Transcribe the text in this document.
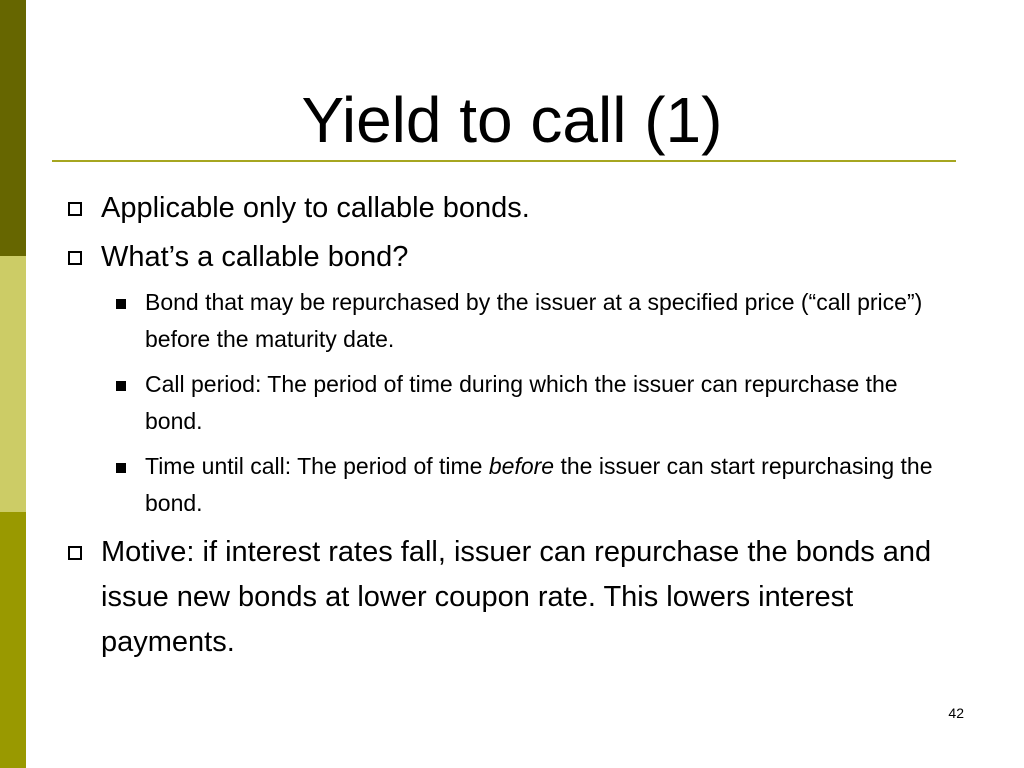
Yield to call (1)
Applicable only to callable bonds.
What’s a callable bond?
Bond that may be repurchased by the issuer at a specified price (“call price”) before the maturity date.
Call period: The period of time during which the issuer can repurchase the bond.
Time until call: The period of time before the issuer can start repurchasing the bond.
Motive: if interest rates fall, issuer can repurchase the bonds and issue new bonds at lower coupon rate. This lowers interest payments.
42
